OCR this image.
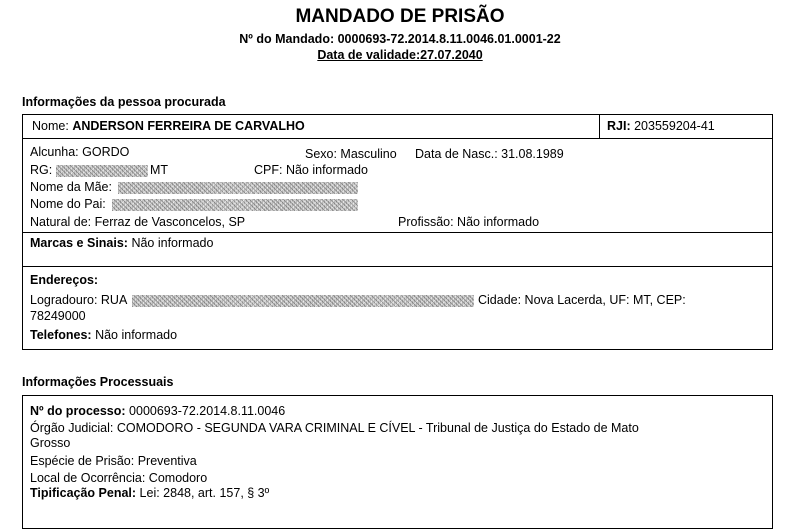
MANDADO DE PRISÃO
Nº do Mandado: 0000693-72.2014.8.11.0046.01.0001-22
Data de validade:27.07.2040
Informações da pessoa procurada
Nome: ANDERSON FERREIRA DE CARVALHO	RJI: 203559204-41
Alcunha: GORDO	Sexo: Masculino Data de Nasc.: 31.08.1989
RG:	MT	CPF: Não informado
Nome da Mãe:
Nome do Pai:
Natural de: Ferraz de Vasconcelos, SP	Profissão: Não informado
Marcas e Sinais: Não informado
Endereços:
Logradouro: RUA	Cidade: Nova Lacerda, UF: MT, CEP:
78249000
Telefones: Não informado
Informações Processuais
Nº do processo: 0000693-72.2014.8.11.0046
Órgão Judicial: COMODORO - SEGUNDA VARA CRIMINAL E CÍVEL - Tribunal de Justiça do Estado de Mato
Grosso
Espécie de Prisão: Preventiva
Local de Ocorrência: Comodoro
Tipificação Penal: Lei: 2848, art. 157, § 3º
